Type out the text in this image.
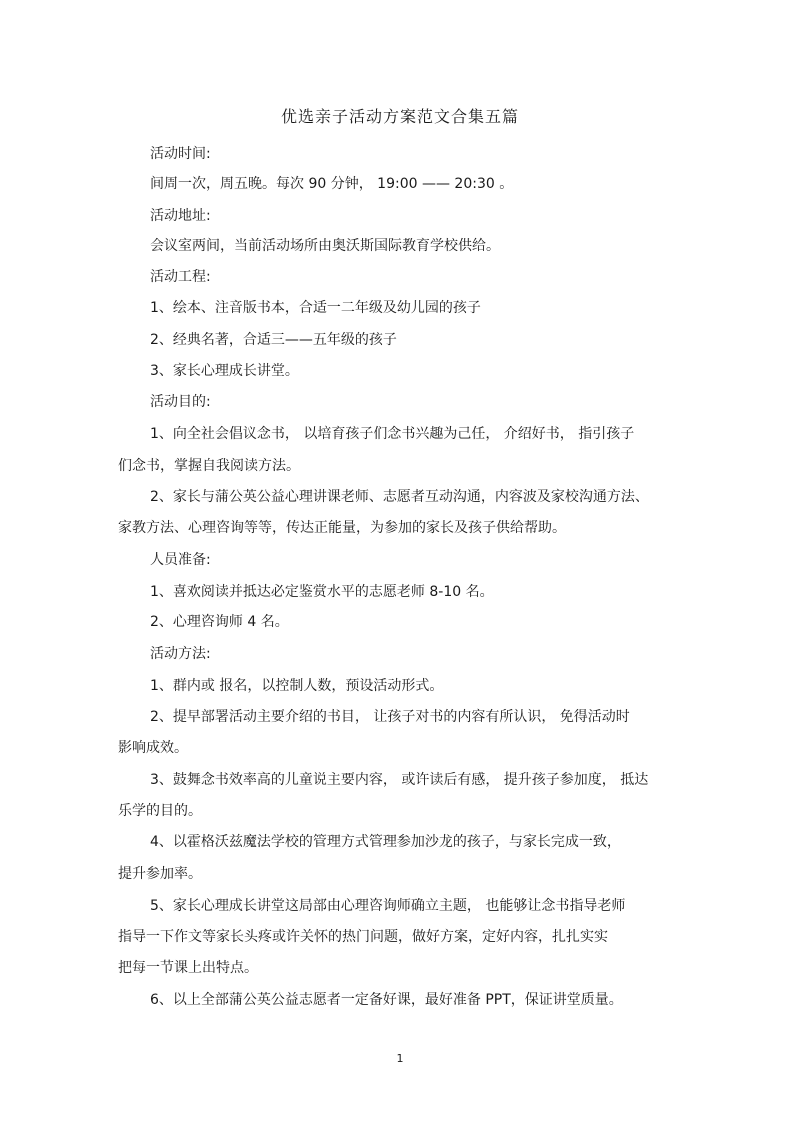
优选亲子活动方案范文合集五篇
活动时间:
间周一次，周五晚。每次 90 分钟， 19:00 —— 20:30 。
活动地址:
会议室两间，当前活动场所由奥沃斯国际教育学校供给。
活动工程:
1、绘本、注音版书本，合适一二年级及幼儿园的孩子
2、经典名著，合适三——五年级的孩子
3、家长心理成长讲堂。
活动目的:
1、向全社会倡议念书， 以培育孩子们念书兴趣为己任， 介绍好书， 指引孩子
们念书，掌握自我阅读方法。
2、家长与蒲公英公益心理讲课老师、志愿者互动沟通，内容波及家校沟通方法、
家教方法、心理咨询等等，传达正能量，为参加的家长及孩子供给帮助。
人员准备:
1、喜欢阅读并抵达必定鉴赏水平的志愿老师 8-10 名。
2、心理咨询师 4 名。
活动方法:
1、群内或 报名，以控制人数，预设活动形式。
2、提早部署活动主要介绍的书目， 让孩子对书的内容有所认识， 免得活动时
影响成效。
3、鼓舞念书效率高的儿童说主要内容， 或许读后有感， 提升孩子参加度， 抵达
乐学的目的。
4、以霍格沃兹魔法学校的管理方式管理参加沙龙的孩子，与家长完成一致，
提升参加率。
5、家长心理成长讲堂这局部由心理咨询师确立主题， 也能够让念书指导老师
指导一下作文等家长头疼或许关怀的热门问题，做好方案，定好内容，扎扎实实
把每一节课上出特点。
6、以上全部蒲公英公益志愿者一定备好课，最好准备 PPT，保证讲堂质量。
1
